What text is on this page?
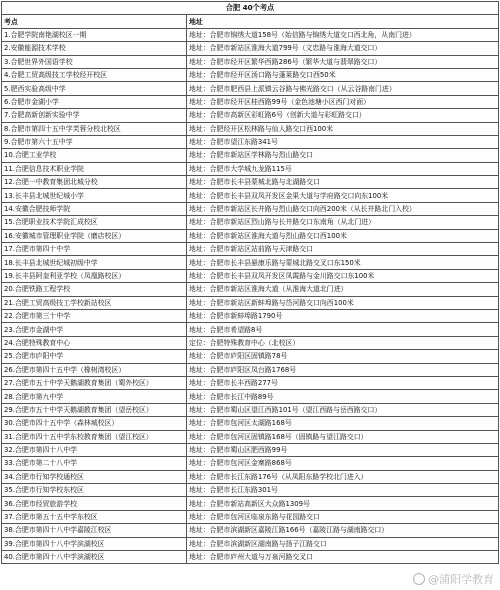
合肥 40个考点	
考点	地址
1.合肥学院南艳湖校区一期	地址：合肥市锦绣大道158号（始信路与锦绣大道交口西北角，从南门进）
2.安徽能源技术学校	地址：合肥市新站区淮海大道799号（文忠路与淮海大道交口）
3.合肥世界外国语学校	地址：合肥市经开区繁华西路286号（繁华大道与翡翠路交口）
4.合肥工贸高级技工学校经开校区	地址：合肥市经开区汤口路与蓬莱路交口西50米
5.肥西实验高级中学	地址：合肥市肥西县上派镇云谷路与佛光路交口（从云谷路南门进）
6.合肥市金湖小学	地址：合肥市经开区桂西路99号（金色池塘小区西门对面）
7.合肥高新创新实验中学	地址：合肥市高新区彩虹路6号（创新大道与彩虹路交口）
8.合肥市第四十五中学芙蓉分校北校区	地址：合肥经开区松林路与仙人路交口西100米
9.合肥市第六十五中学	地址：合肥市望江东路341号
10.合肥工业学校	地址：合肥市新站区学林路与烈山路交口
11.合肥信息技术职业学院	地址：合肥市大学城九龙路115号
12.合肥一中教育集团北城分校	地址：合肥市长丰县蒙城北路与北湖路交口
13.长丰县北城世纪城小学	地址：合肥市长丰县双凤开发区金果大道与学府路交口向东100米
14.安徽合肥技师学院	地址：合肥市新站区长井路与烈山路交口向西200米（从长井路北门入校）
15.合肥职业技术学院汇成校区	地址：合肥市新站区烈山路与长井路交口东南角（从北门进）
16.安徽城市管理职业学院（磨店校区）	地址：合肥市新站区淮海大道与烈山路交口西100米
17.合肥市第四十中学	地址：合肥市新站区站前路与天津路交口
18.长丰县北城世纪城初级中学	地址：合肥市长丰县悬康乐路与蒙城北路交叉口东150米
19.长丰县阿奎利亚学校（凤凰路校区）	地址：合肥市长丰县双凤开发区凤霞路与金川路交口东100米
20.合肥铁路工程学校	地址：合肥市新站区淮海大道（从淮海大道北门进）
21.合肥工贸高级技工学校新站校区	地址：合肥市新站区新蚌埠路与岱河路交口向西100米
22.合肥市第三十中学	地址：合肥市新蚌埠路1790号
23.合肥市金湖中学	地址：合肥市希望路8号
24.合肥特殊教育中心	定位：合肥特殊教育中心（北校区）
25.合肥市庐阳中学	地址：合肥市庐阳区固镇路78号
26.合肥市第四十五中学（橡树湾校区）	地址：合肥市庐阳区凤台路1768号
27.合肥市五十中学天鹅湖教育集团（蜀外校区）	地址：合肥市长丰西路277号
28.合肥市第九中学	地址：合肥市长江中路89号
29.合肥市五十中学天鹅湖教育集团（望岳校区）	地址：合肥市蜀山区望江西路101号（望江西路与岳西路交口）
30.合肥市四十五中学（森林城校区）	地址：合肥市包河区太湖路168号
31.合肥市四十五中学东校教育集团（望江校区）	地址：合肥市包河区固镇路168号（固镇路与望江路交口）
32.合肥市第四十八中学	地址：合肥市蜀山区肥西路99号
33.合肥市第二十八中学	地址：合肥市包河区金寨路868号
34.合肥市行知学校通校区	地址：合肥市长江东路176号（从凤阳东路学校北门进入）
35.合肥市行知学校东校区	地址：合肥市长江东路301号
36.合肥市经贸旅游学校	地址：合肥市新站高新区大众路1309号
37.合肥市第五十五中学东校区	地址：合肥市包河区临泉东路与花园路交口
38.合肥市第四十八中学嘉陵江校区	地址：合肥市滨湖新区嘉陵江路166号（嘉陵江路与湖南路交口）
39.合肥市第四十八中学滨湖校区	地址：合肥市滨湖新区湖南路与扬子江路交口
40.合肥市第四十八中学滨湖校区	地址：合肥市庐州大道与万泉河路交叉口
@浦阳学教育
